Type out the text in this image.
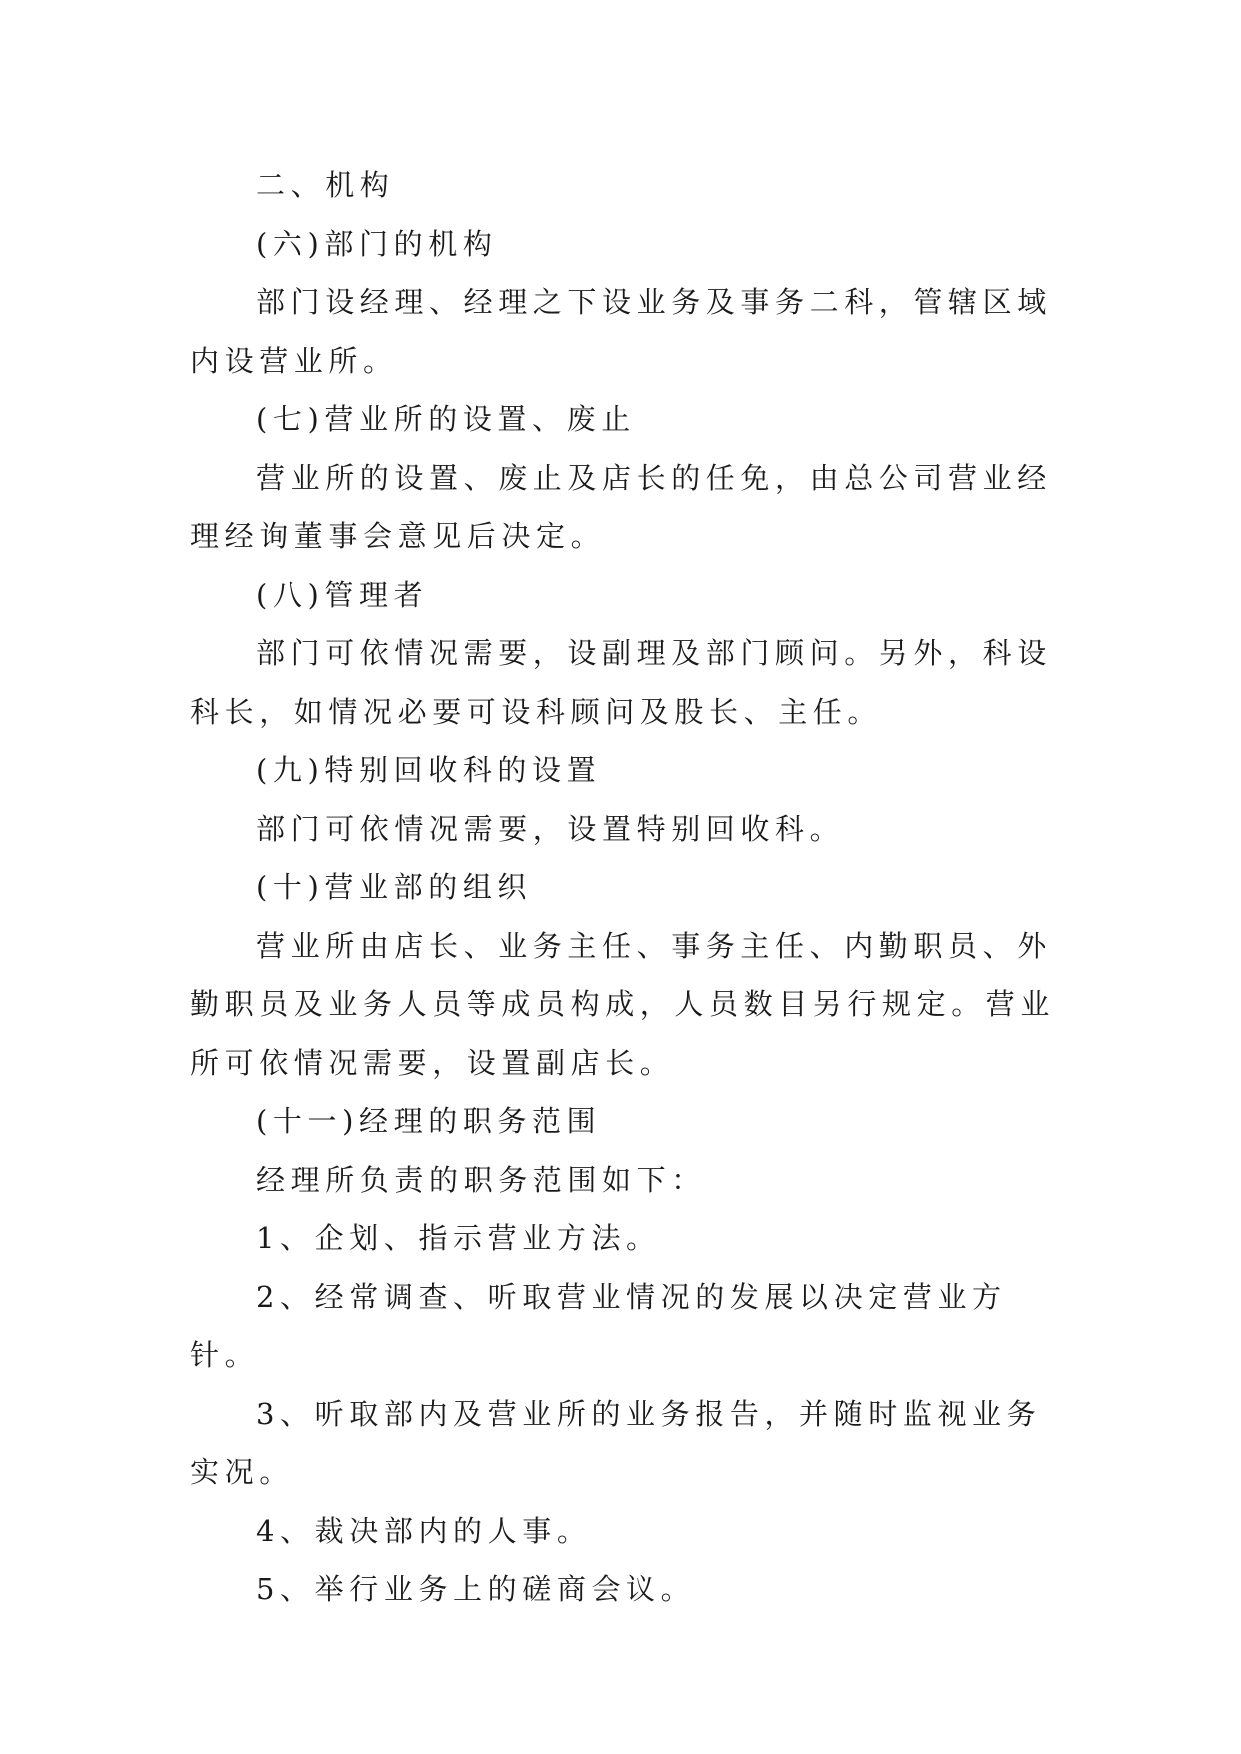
二、机构

(六)部门的机构

部门设经理、经理之下设业务及事务二科，管辖区域内设营业所。

(七)营业所的设置、废止

营业所的设置、废止及店长的任免，由总公司营业经理经询董事会意见后决定。

(八)管理者

部门可依情况需要，设副理及部门顾问。另外，科设科长，如情况必要可设科顾问及股长、主任。

(九)特别回收科的设置

部门可依情况需要，设置特别回收科。

(十)营业部的组织

营业所由店长、业务主任、事务主任、内勤职员、外勤职员及业务人员等成员构成，人员数目另行规定。营业所可依情况需要，设置副店长。

(十一)经理的职务范围

经理所负责的职务范围如下：

1、企划、指示营业方法。

2、经常调查、听取营业情况的发展以决定营业方针。

3、听取部内及营业所的业务报告，并随时监视业务实况。

4、裁决部内的人事。

5、举行业务上的磋商会议。
